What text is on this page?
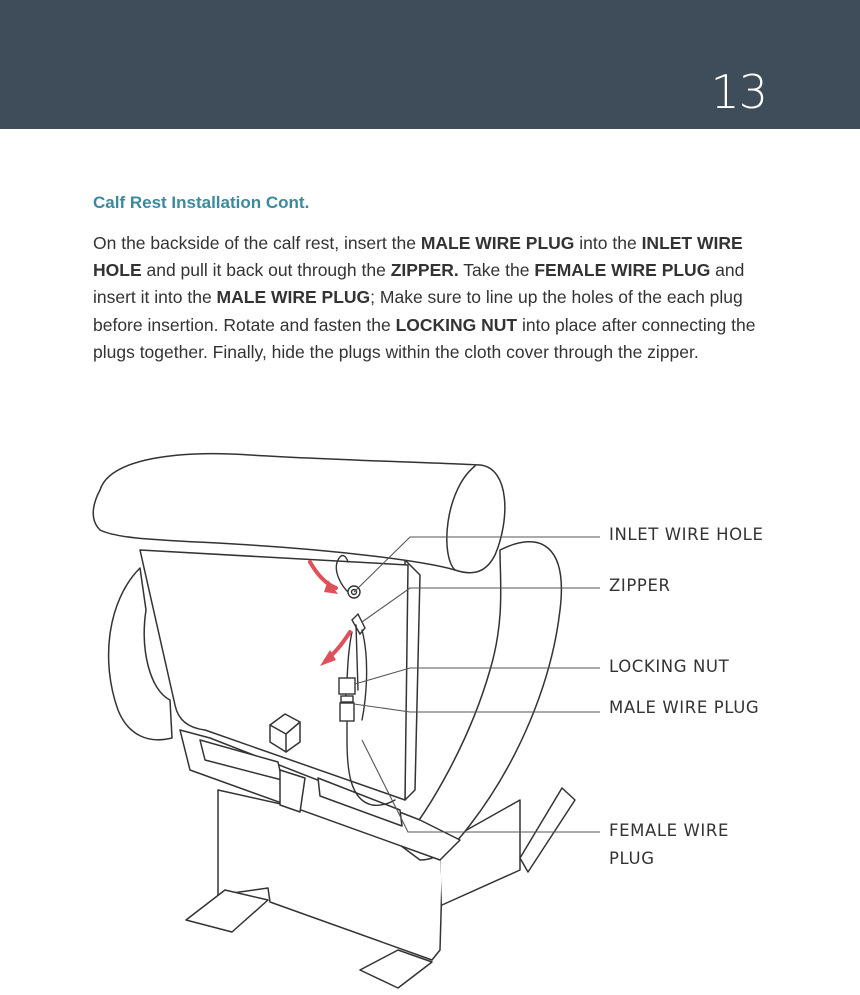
13
Calf Rest Installation Cont.
On the backside of the calf rest, insert the MALE WIRE PLUG into the INLET WIRE HOLE and pull it back out through the ZIPPER. Take the FEMALE WIRE PLUG and insert it into the MALE WIRE PLUG; Make sure to line up the holes of the each plug before insertion. Rotate and fasten the LOCKING NUT into place after connecting the plugs together. Finally, hide the plugs within the cloth cover through the zipper.
INLET WIRE HOLE
ZIPPER
LOCKING NUT
MALE WIRE PLUG
FEMALE WIRE
PLUG
